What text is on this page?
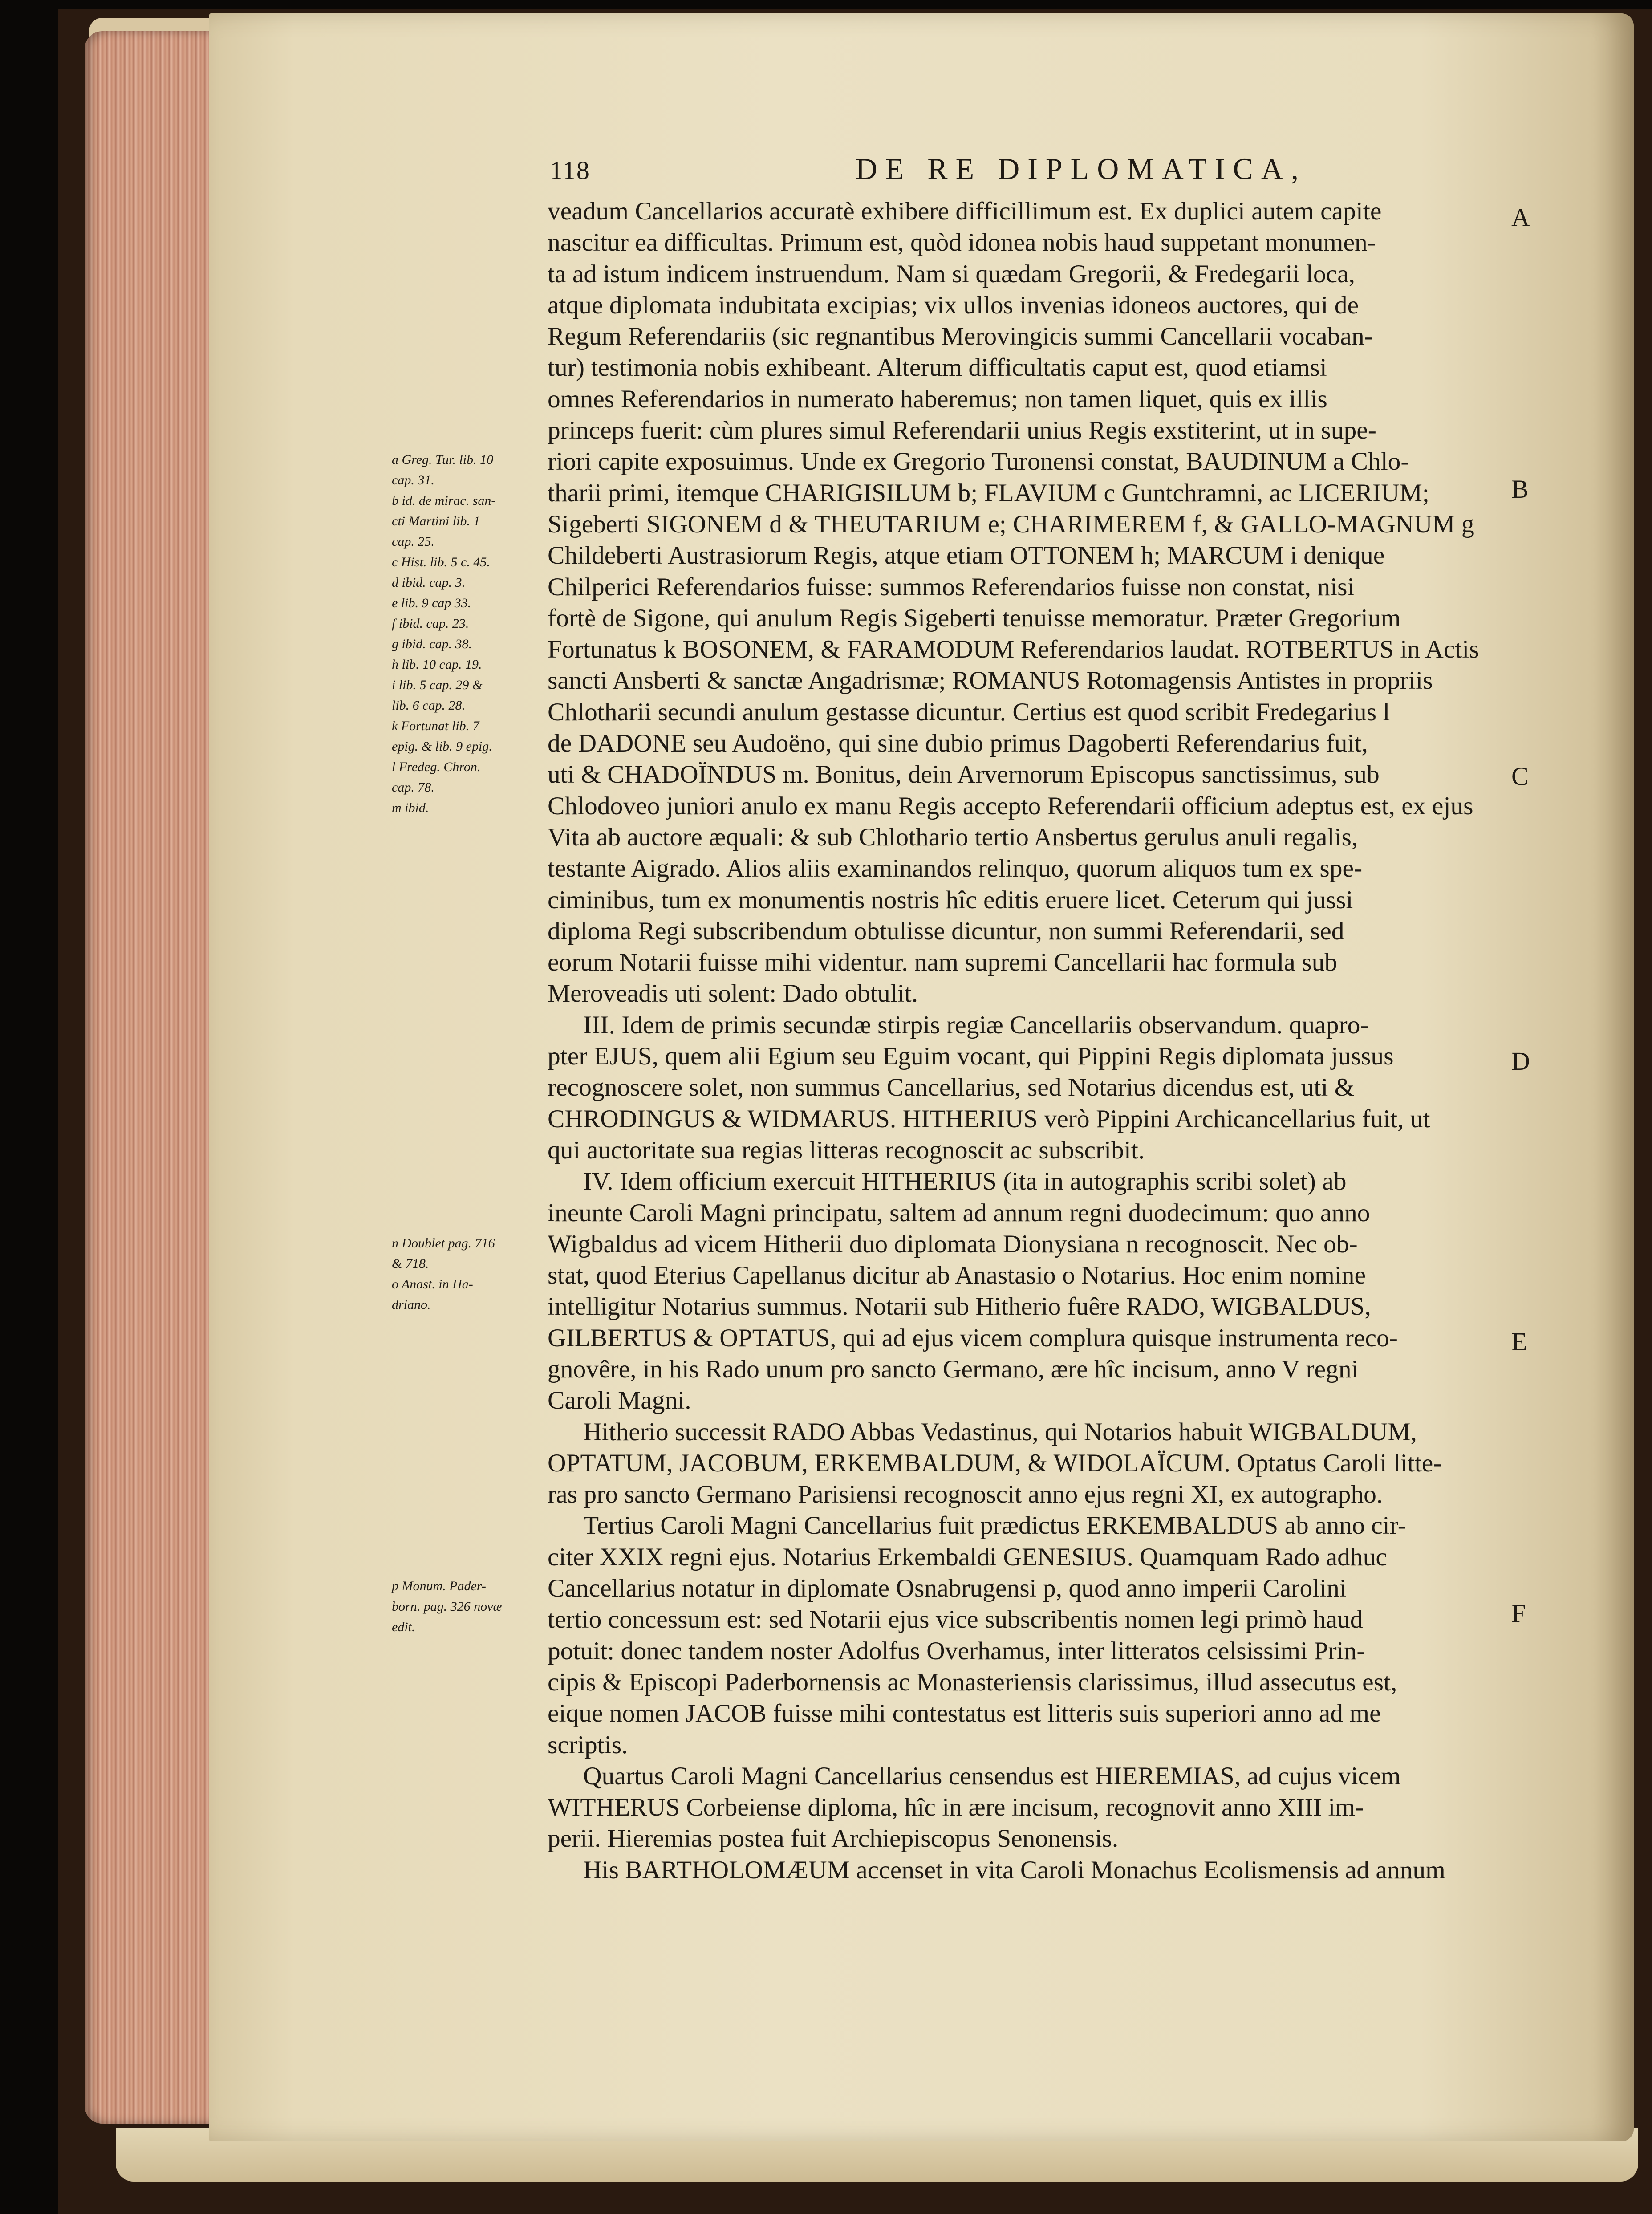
118	DE RE DIPLOMATICA,

veadum Cancellarios accuratè exhibere difficillimum est. Ex duplici autem capite

nascitur ea difficultas. Primum est, quòd idonea nobis haud suppetant monumen-

ta ad istum indicem instruendum. Nam si quædam Gregorii, & Fredegarii loca,

atque diplomata indubitata excipias; vix ullos invenias idoneos auctores, qui de

Regum Referendariis (sic regnantibus Merovingicis summi Cancellarii vocaban-

tur) testimonia nobis exhibeant. Alterum difficultatis caput est, quod etiamsi

omnes Referendarios in numerato haberemus; non tamen liquet, quis ex illis

princeps fuerit: cùm plures simul Referendarii unius Regis exstiterint, ut in supe-

riori capite exposuimus. Unde ex Gregorio Turonensi constat, BAUDINUM a Chlo-

tharii primi, itemque CHARIGISILUM b; FLAVIUM c Guntchramni, ac LICERIUM;

Sigeberti SIGONEM d & THEUTARIUM e; CHARIMEREM f, & GALLO-MAGNUM g

Childeberti Austrasiorum Regis, atque etiam OTTONEM h; MARCUM i denique

Chilperici Referendarios fuisse: summos Referendarios fuisse non constat, nisi

fortè de Sigone, qui anulum Regis Sigeberti tenuisse memoratur. Præter Gregorium

Fortunatus k BOSONEM, & FARAMODUM Referendarios laudat. ROTBERTUS in Actis

sancti Ansberti & sanctæ Angadrismæ; ROMANUS Rotomagensis Antistes in propriis

Chlotharii secundi anulum gestasse dicuntur. Certius est quod scribit Fredegarius l

de DADONE seu Audoëno, qui sine dubio primus Dagoberti Referendarius fuit,

uti & CHADOÏNDUS m. Bonitus, dein Arvernorum Episcopus sanctissimus, sub

Chlodoveo juniori anulo ex manu Regis accepto Referendarii officium adeptus est, ex ejus

Vita ab auctore æquali: & sub Chlothario tertio Ansbertus gerulus anuli regalis,

testante Aigrado. Alios aliis examinandos relinquo, quorum aliquos tum ex spe-

ciminibus, tum ex monumentis nostris hîc editis eruere licet. Ceterum qui jussi

diploma Regi subscribendum obtulisse dicuntur, non summi Referendarii, sed

eorum Notarii fuisse mihi videntur. nam supremi Cancellarii hac formula sub

Meroveadis uti solent: Dado obtulit.

III. Idem de primis secundæ stirpis regiæ Cancellariis observandum. quapro-

pter EJUS, quem alii Egium seu Eguim vocant, qui Pippini Regis diplomata jussus

recognoscere solet, non summus Cancellarius, sed Notarius dicendus est, uti &

CHRODINGUS & WIDMARUS. HITHERIUS verò Pippini Archicancellarius fuit, ut

qui auctoritate sua regias litteras recognoscit ac subscribit.

IV. Idem officium exercuit HITHERIUS (ita in autographis scribi solet) ab

ineunte Caroli Magni principatu, saltem ad annum regni duodecimum: quo anno

Wigbaldus ad vicem Hitherii duo diplomata Dionysiana n recognoscit. Nec ob-

stat, quod Eterius Capellanus dicitur ab Anastasio o Notarius. Hoc enim nomine

intelligitur Notarius summus. Notarii sub Hitherio fuêre RADO, WIGBALDUS,

GILBERTUS & OPTATUS, qui ad ejus vicem complura quisque instrumenta reco-

gnovêre, in his Rado unum pro sancto Germano, ære hîc incisum, anno V regni

Caroli Magni.

Hitherio successit RADO Abbas Vedastinus, qui Notarios habuit WIGBALDUM,

OPTATUM, JACOBUM, ERKEMBALDUM, & WIDOLAÏCUM. Optatus Caroli litte-

ras pro sancto Germano Parisiensi recognoscit anno ejus regni XI, ex autographo.

Tertius Caroli Magni Cancellarius fuit prædictus ERKEMBALDUS ab anno cir-

citer XXIX regni ejus. Notarius Erkembaldi GENESIUS. Quamquam Rado adhuc

Cancellarius notatur in diplomate Osnabrugensi p, quod anno imperii Carolini

tertio concessum est: sed Notarii ejus vice subscribentis nomen legi primò haud

potuit: donec tandem noster Adolfus Overhamus, inter litteratos celsissimi Prin-

cipis & Episcopi Paderbornensis ac Monasteriensis clarissimus, illud assecutus est,

eique nomen JACOB fuisse mihi contestatus est litteris suis superiori anno ad me

scriptis.

Quartus Caroli Magni Cancellarius censendus est HIEREMIAS, ad cujus vicem

WITHERUS Corbeiense diploma, hîc in ære incisum, recognovit anno XIII im-

perii. Hieremias postea fuit Archiepiscopus Senonensis.

His BARTHOLOMÆUM accenset in vita Caroli Monachus Ecolismensis ad annum

a Greg. Tur. lib. 10
cap. 31.
b id. de mirac. san-
cti Martini lib. 1
cap. 25.
c Hist. lib. 5 c. 45.
d ibid. cap. 3.
e lib. 9 cap 33.
f ibid. cap. 23.
g ibid. cap. 38.
h lib. 10 cap. 19.
i lib. 5 cap. 29 &
lib. 6 cap. 28.
k Fortunat lib. 7
epig. & lib. 9 epig.
l Fredeg. Chron.
cap. 78.
m ibid.
n Doublet pag. 716
& 718.
o Anast. in Ha-
driano.
p Monum. Pader-
born. pag. 326 novæ
edit.
A
B
C
D
E
F
